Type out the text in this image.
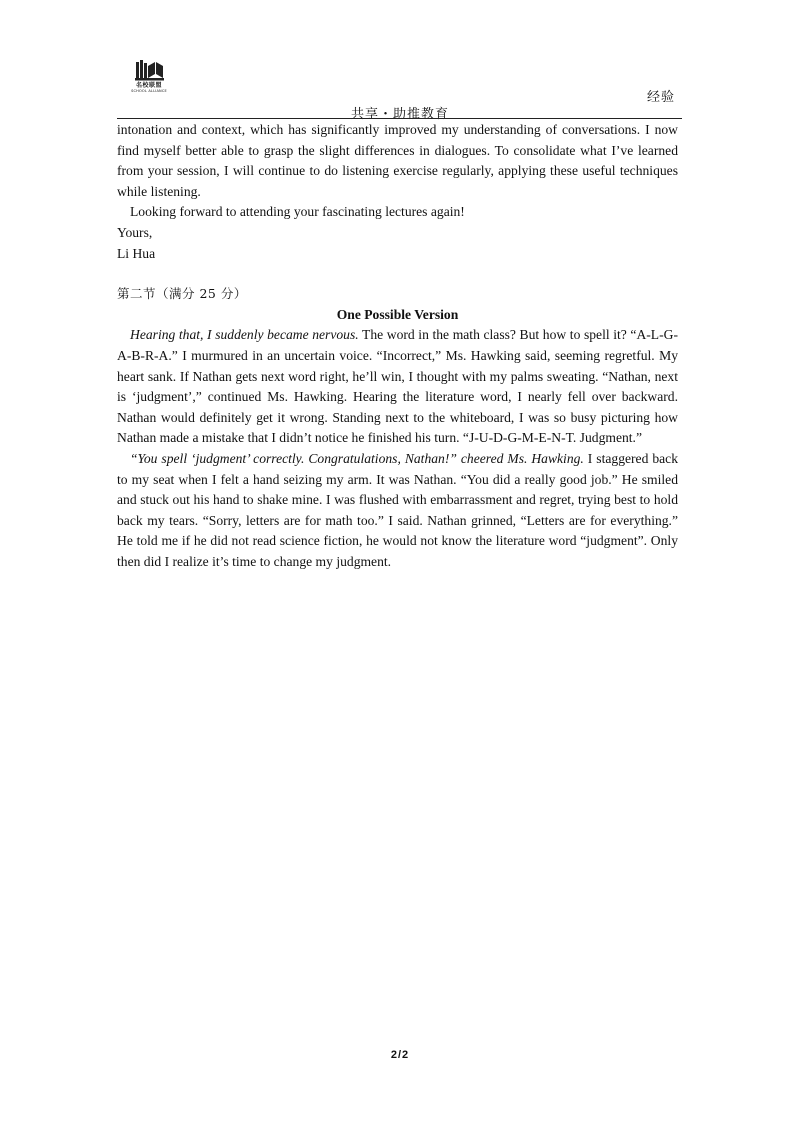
名校联盟
SCHOOL ALLIANCE	经验
共享・助推教育

intonation and context, which has significantly improved my understanding of conversations. I now find myself better able to grasp the slight differences in dialogues. To consolidate what I’ve learned from your session, I will continue to do listening exercise regularly, applying these useful techniques while listening.

Looking forward to attending your fascinating lectures again!

Yours,

Li Hua

第二节（满分 25 分）

One Possible Version

Hearing that, I suddenly became nervous. The word in the math class? But how to spell it? “A-L-G-A-B-R-A.” I murmured in an uncertain voice. “Incorrect,” Ms. Hawking said, seeming regretful. My heart sank. If Nathan gets next word right, he’ll win, I thought with my palms sweating. “Nathan, next is ‘judgment’,” continued Ms. Hawking. Hearing the literature word, I nearly fell over backward. Nathan would definitely get it wrong. Standing next to the whiteboard, I was so busy picturing how Nathan made a mistake that I didn’t notice he finished his turn. “J-U-D-G-M-E-N-T. Judgment.”

“You spell ‘judgment’ correctly. Congratulations, Nathan!” cheered Ms. Hawking. I staggered back to my seat when I felt a hand seizing my arm. It was Nathan. “You did a really good job.” He smiled and stuck out his hand to shake mine. I was flushed with embarrassment and regret, trying best to hold back my tears. “Sorry, letters are for math too.” I said. Nathan grinned, “Letters are for everything.” He told me if he did not read science fiction, he would not know the literature word “judgment”. Only then did I realize it’s time to change my judgment.

2/2
